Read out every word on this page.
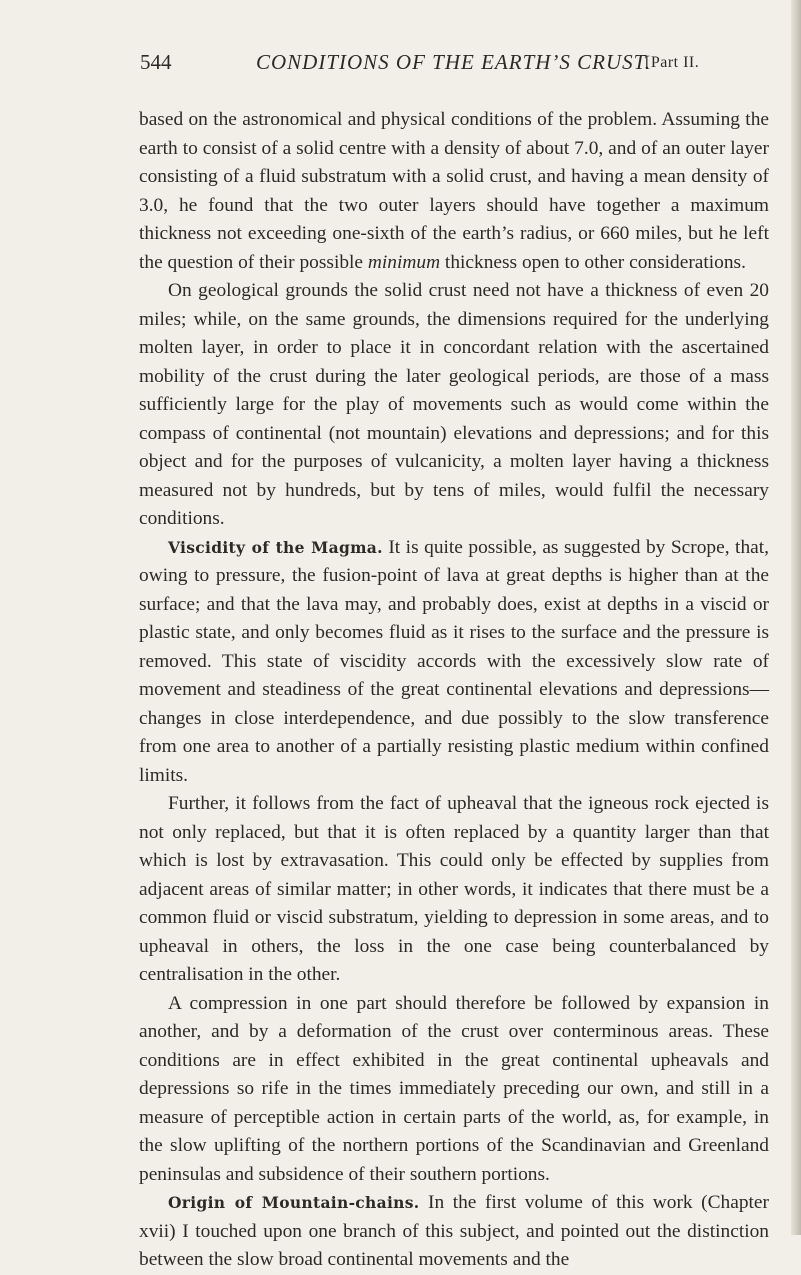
544	CONDITIONS OF THE EARTH’S CRUST.
[Part II.

based on the astronomical and physical conditions of the problem. Assuming the earth to consist of a solid centre with a density of about 7.0, and of an outer layer consisting of a fluid substratum with a solid crust, and having a mean density of 3.0, he found that the two outer layers should have together a maximum thickness not exceeding one-sixth of the earth’s radius, or 660 miles, but he left the question of their possible minimum thickness open to other considerations.

On geological grounds the solid crust need not have a thickness of even 20 miles; while, on the same grounds, the dimensions required for the underlying molten layer, in order to place it in concordant relation with the ascertained mobility of the crust during the later geological periods, are those of a mass sufficiently large for the play of movements such as would come within the compass of continental (not mountain) elevations and depressions; and for this object and for the purposes of vulcanicity, a molten layer having a thickness measured not by hundreds, but by tens of miles, would fulfil the necessary conditions.

Viscidity of the Magma. It is quite possible, as suggested by Scrope, that, owing to pressure, the fusion-point of lava at great depths is higher than at the surface; and that the lava may, and probably does, exist at depths in a viscid or plastic state, and only becomes fluid as it rises to the surface and the pressure is removed. This state of viscidity accords with the excessively slow rate of movement and steadiness of the great continental elevations and depressions—changes in close interdependence, and due possibly to the slow transference from one area to another of a partially resisting plastic medium within confined limits.

Further, it follows from the fact of upheaval that the igneous rock ejected is not only replaced, but that it is often replaced by a quantity larger than that which is lost by extravasation. This could only be effected by supplies from adjacent areas of similar matter; in other words, it indicates that there must be a common fluid or viscid substratum, yielding to depression in some areas, and to upheaval in others, the loss in the one case being counterbalanced by centralisation in the other.

A compression in one part should therefore be followed by expansion in another, and by a deformation of the crust over conterminous areas. These conditions are in effect exhibited in the great continental upheavals and depressions so rife in the times immediately preceding our own, and still in a measure of perceptible action in certain parts of the world, as, for example, in the slow uplifting of the northern portions of the Scandinavian and Greenland peninsulas and subsidence of their southern portions.

Origin of Mountain-chains. In the first volume of this work (Chapter xvii) I touched upon one branch of this subject, and pointed out the distinction between the slow broad continental movements and the
